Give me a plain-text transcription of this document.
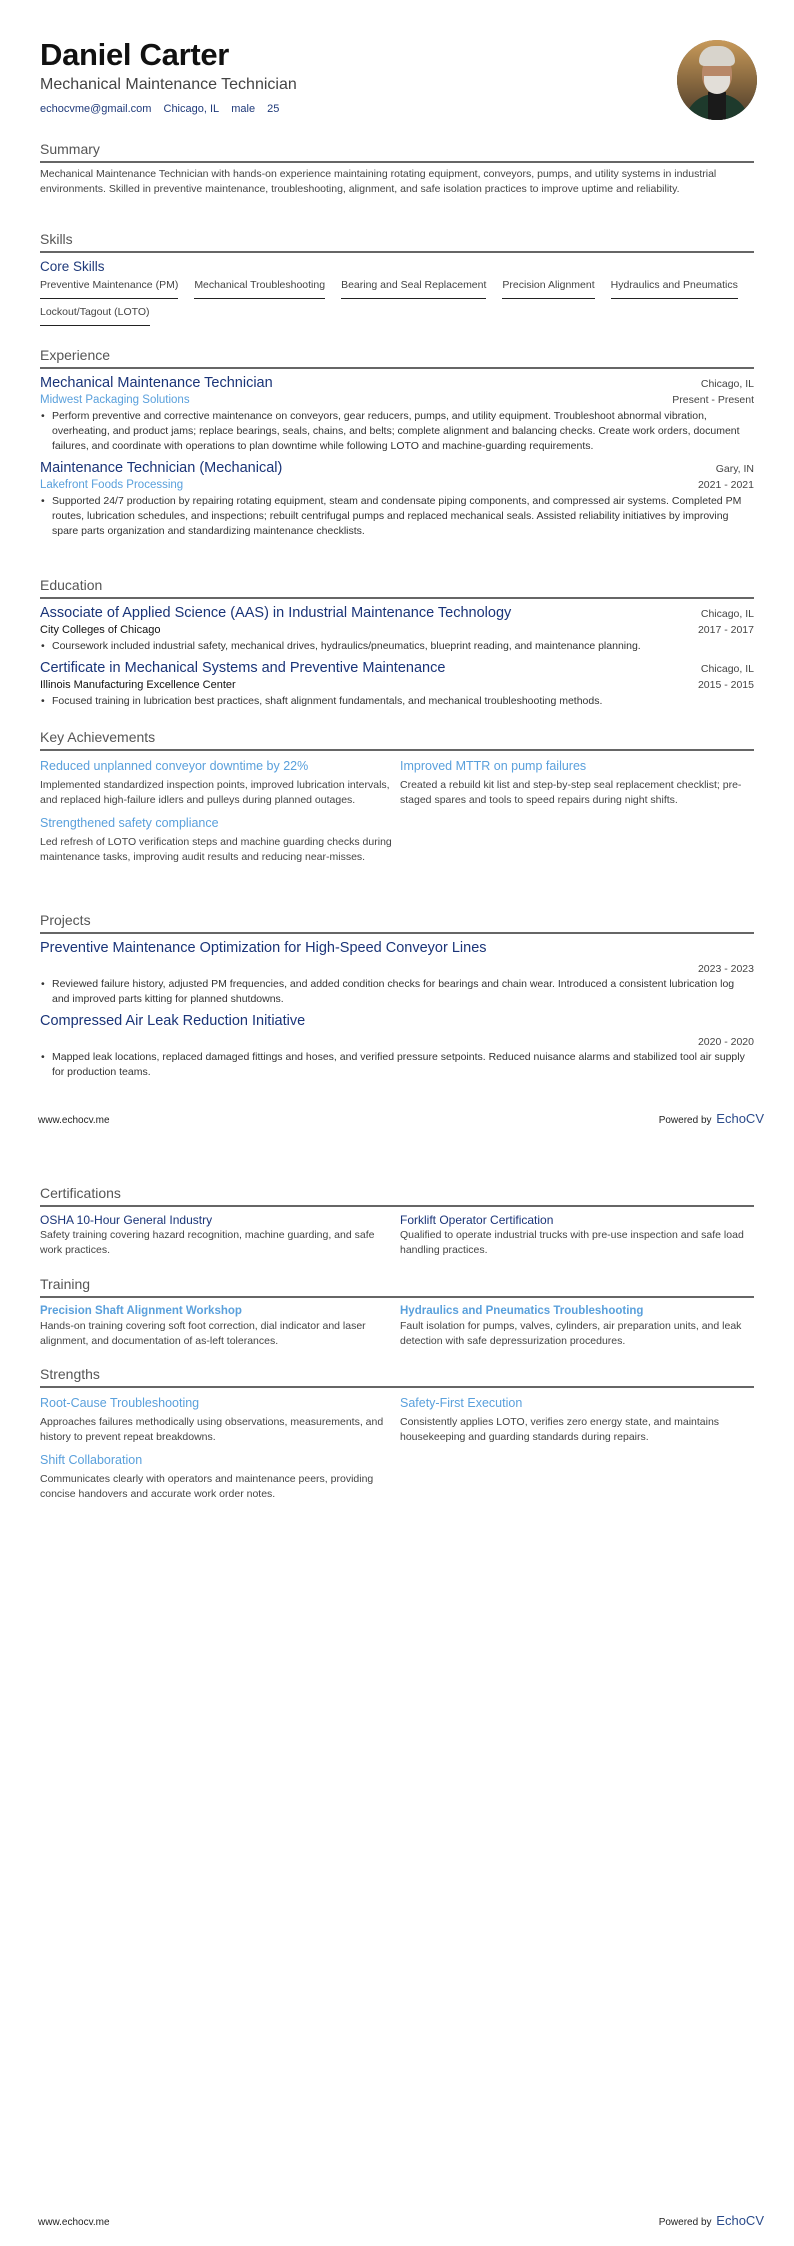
Daniel Carter
Mechanical Maintenance Technician
echocvme@gmail.com Chicago, IL male 25
Summary
Mechanical Maintenance Technician with hands-on experience maintaining rotating equipment, conveyors, pumps, and utility systems in industrial environments. Skilled in preventive maintenance, troubleshooting, alignment, and safe isolation practices to improve uptime and reliability.
Skills
Core Skills
Preventive Maintenance (PM) Mechanical Troubleshooting Bearing and Seal Replacement Precision Alignment Hydraulics and Pneumatics
Lockout/Tagout (LOTO)
Experience
Mechanical Maintenance Technician	Chicago, IL
Midwest Packaging Solutions	Present - Present
• Perform preventive and corrective maintenance on conveyors, gear reducers, pumps, and utility equipment. Troubleshoot abnormal vibration, overheating, and product jams; replace bearings, seals, chains, and belts; complete alignment and balancing checks. Create work orders, document failures, and coordinate with operations to plan downtime while following LOTO and machine-guarding requirements.
Maintenance Technician (Mechanical)	Gary, IN
Lakefront Foods Processing	2021 - 2021
• Supported 24/7 production by repairing rotating equipment, steam and condensate piping components, and compressed air systems. Completed PM routes, lubrication schedules, and inspections; rebuilt centrifugal pumps and replaced mechanical seals. Assisted reliability initiatives by improving spare parts organization and standardizing maintenance checklists.
Education
Associate of Applied Science (AAS) in Industrial Maintenance Technology	Chicago, IL
City Colleges of Chicago	2017 - 2017
• Coursework included industrial safety, mechanical drives, hydraulics/pneumatics, blueprint reading, and maintenance planning.
Certificate in Mechanical Systems and Preventive Maintenance	Chicago, IL
Illinois Manufacturing Excellence Center	2015 - 2015
• Focused training in lubrication best practices, shaft alignment fundamentals, and mechanical troubleshooting methods.
Key Achievements
Reduced unplanned conveyor downtime by 22%
Implemented standardized inspection points, improved lubrication intervals, and replaced high-failure idlers and pulleys during planned outages.
Improved MTTR on pump failures
Created a rebuild kit list and step-by-step seal replacement checklist; pre-staged spares and tools to speed repairs during night shifts.
Strengthened safety compliance
Led refresh of LOTO verification steps and machine guarding checks during maintenance tasks, improving audit results and reducing near-misses.
Projects
Preventive Maintenance Optimization for High-Speed Conveyor Lines
2023 - 2023
• Reviewed failure history, adjusted PM frequencies, and added condition checks for bearings and chain wear. Introduced a consistent lubrication log and improved parts kitting for planned shutdowns.
Compressed Air Leak Reduction Initiative
2020 - 2020
• Mapped leak locations, replaced damaged fittings and hoses, and verified pressure setpoints. Reduced nuisance alarms and stabilized tool air supply for production teams.
www.echocv.me	Powered by EchoCV
Certifications
OSHA 10-Hour General Industry
Safety training covering hazard recognition, machine guarding, and safe work practices.
Forklift Operator Certification
Qualified to operate industrial trucks with pre-use inspection and safe load handling practices.
Training
Precision Shaft Alignment Workshop
Hands-on training covering soft foot correction, dial indicator and laser alignment, and documentation of as-left tolerances.
Hydraulics and Pneumatics Troubleshooting
Fault isolation for pumps, valves, cylinders, air preparation units, and leak detection with safe depressurization procedures.
Strengths
Root-Cause Troubleshooting
Approaches failures methodically using observations, measurements, and history to prevent repeat breakdowns.
Safety-First Execution
Consistently applies LOTO, verifies zero energy state, and maintains housekeeping and guarding standards during repairs.
Shift Collaboration
Communicates clearly with operators and maintenance peers, providing concise handovers and accurate work order notes.
www.echocv.me	Powered by EchoCV
